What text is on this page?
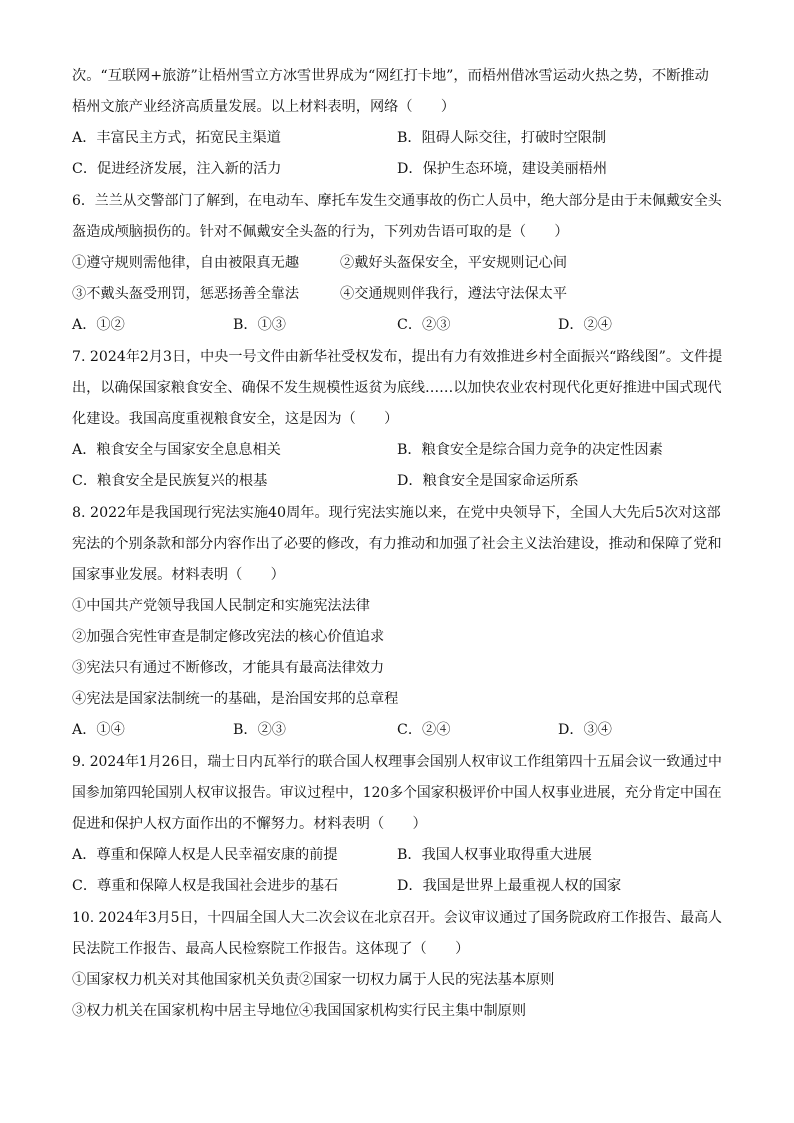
次。“互联网+旅游”让梧州雪立方冰雪世界成为“网红打卡地”，而梧州借冰雪运动火热之势，不断推动
梧州文旅产业经济高质量发展。以上材料表明，网络（　　）
A．丰富民主方式，拓宽民主渠道	B．阻碍人际交往，打破时空限制
C．促进经济发展，注入新的活力	D．保护生态环境，建设美丽梧州
6．兰兰从交警部门了解到，在电动车、摩托车发生交通事故的伤亡人员中，绝大部分是由于未佩戴安全头
盔造成颅脑损伤的。针对不佩戴安全头盔的行为，下列劝告语可取的是（　　）
①遵守规则需他律，自由被限真无趣	②戴好头盔保安全，平安规则记心间
③不戴头盔受刑罚，惩恶扬善全靠法	④交通规则伴我行，遵法守法保太平
A．①②	B．①③	C．②③	D．②④
7. 2024年2月3日，中央一号文件由新华社受权发布，提出有力有效推进乡村全面振兴“路线图”。文件提
出，以确保国家粮食安全、确保不发生规模性返贫为底线……以加快农业农村现代化更好推进中国式现代
化建设。我国高度重视粮食安全，这是因为（　　）
A．粮食安全与国家安全息息相关	B．粮食安全是综合国力竞争的决定性因素
C．粮食安全是民族复兴的根基	D．粮食安全是国家命运所系
8. 2022年是我国现行宪法实施40周年。现行宪法实施以来，在党中央领导下，全国人大先后5次对这部
宪法的个别条款和部分内容作出了必要的修改，有力推动和加强了社会主义法治建设，推动和保障了党和
国家事业发展。材料表明（　　）
①中国共产党领导我国人民制定和实施宪法法律
②加强合宪性审查是制定修改宪法的核心价值追求
③宪法只有通过不断修改，才能具有最高法律效力
④宪法是国家法制统一的基础，是治国安邦的总章程
A．①④	B．②③	C．②④	D．③④
9. 2024年1月26日，瑞士日内瓦举行的联合国人权理事会国别人权审议工作组第四十五届会议一致通过中
国参加第四轮国别人权审议报告。审议过程中，120多个国家积极评价中国人权事业进展，充分肯定中国在
促进和保护人权方面作出的不懈努力。材料表明（　　）
A．尊重和保障人权是人民幸福安康的前提	B．我国人权事业取得重大进展
C．尊重和保障人权是我国社会进步的基石	D．我国是世界上最重视人权的国家
10. 2024年3月5日，十四届全国人大二次会议在北京召开。会议审议通过了国务院政府工作报告、最高人
民法院工作报告、最高人民检察院工作报告。这体现了（　　）
①国家权力机关对其他国家机关负责②国家一切权力属于人民的宪法基本原则
③权力机关在国家机构中居主导地位④我国国家机构实行民主集中制原则
